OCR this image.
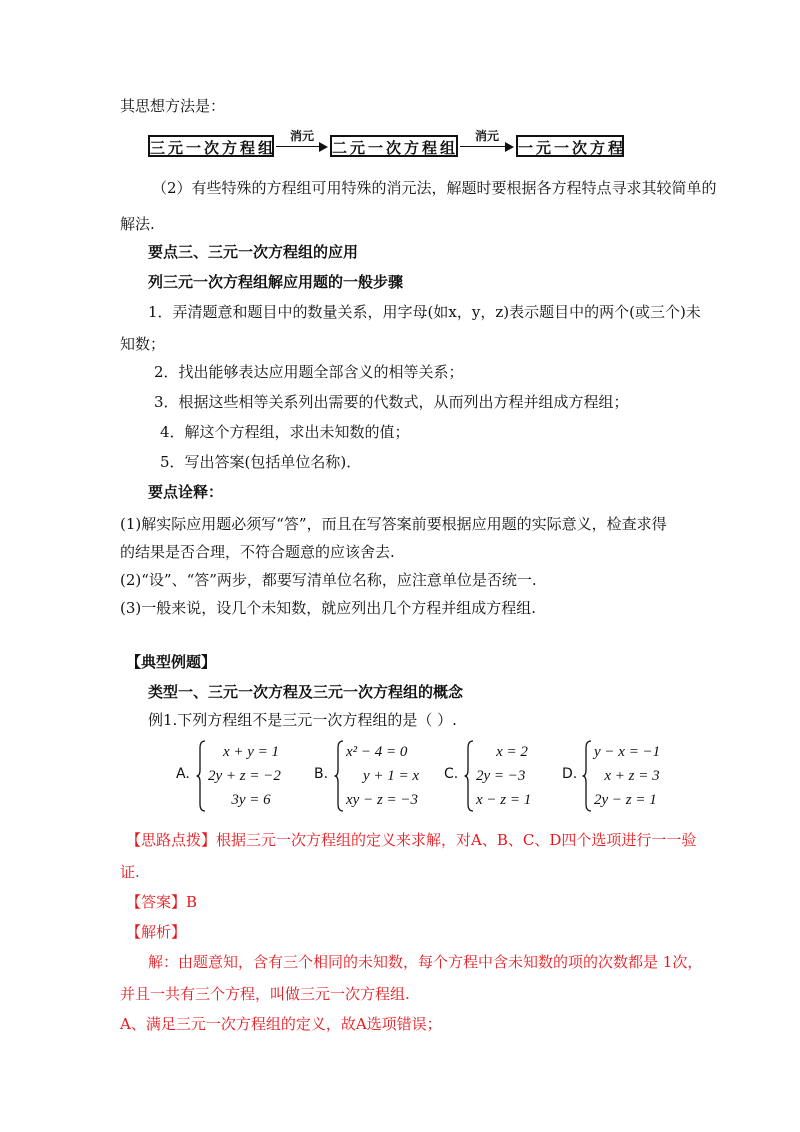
其思想方法是：
三元一次方程组
消元
二元一次方程组
消元
一元一次方程
（2）有些特殊的方程组可用特殊的消元法，解题时要根据各方程特点寻求其较简单的
解法.
要点三、三元一次方程组的应用
列三元一次方程组解应用题的一般步骤
1．弄清题意和题目中的数量关系，用字母(如x，y，z)表示题目中的两个(或三个)未
知数；
2．找出能够表达应用题全部含义的相等关系；
3．根据这些相等关系列出需要的代数式，从而列出方程并组成方程组；
4．解这个方程组，求出未知数的值；
5．写出答案(包括单位名称)．
要点诠释：
(1)解实际应用题必须写“答”，而且在写答案前要根据应用题的实际意义，检查求得
的结果是否合理，不符合题意的应该舍去.
(2)“设”、“答”两步，都要写清单位名称，应注意单位是否统一.
(3)一般来说，设几个未知数，就应列出几个方程并组成方程组.
【典型例题】
类型一、三元一次方程及三元一次方程组的概念
例1.下列方程组不是三元一次方程组的是（ ）.
A.
x + y = 1
2y + z = −2
3y = 6
B.
x² − 4 = 0
y + 1 = x
xy − z = −3
C.
x = 2
2y = −3
x − z = 1
D.
y − x = −1
x + z = 3
2y − z = 1
【思路点拨】根据三元一次方程组的定义来求解，对A、B、C、D四个选项进行一一验
证.
【答案】B
【解析】
解：由题意知，含有三个相同的未知数，每个方程中含未知数的项的次数都是 1次，
并且一共有三个方程，叫做三元一次方程组.
A、满足三元一次方程组的定义，故A选项错误；
